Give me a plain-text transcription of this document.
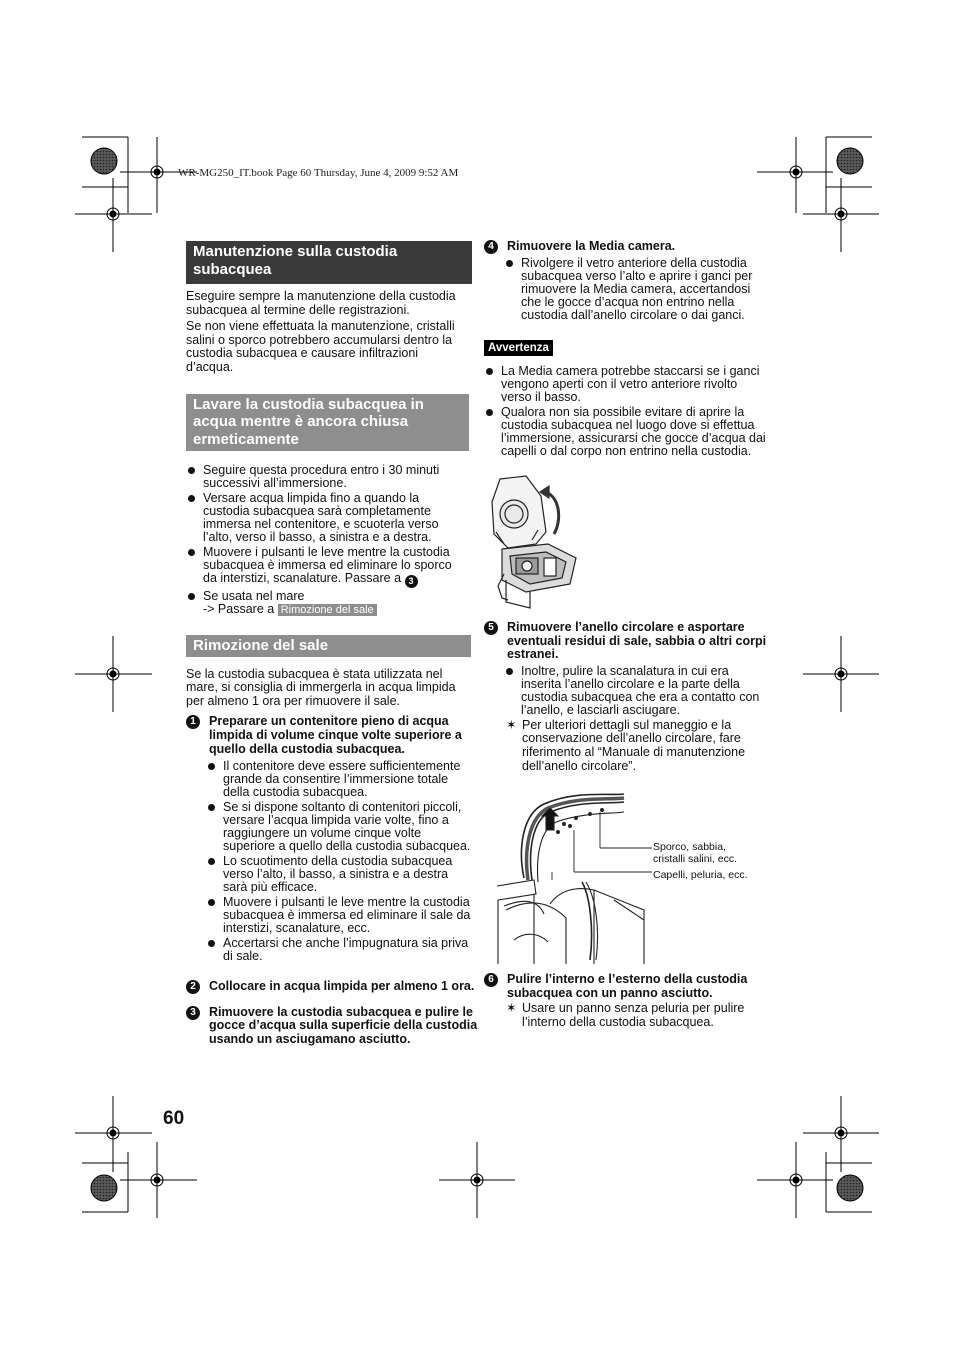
WR-MG250_IT.book Page 60 Thursday, June 4, 2009 9:52 AM
Manutenzione sulla custodia subacquea

Eseguire sempre la manutenzione della custodia subacquea al termine delle registrazioni.

Se non viene effettuata la manutenzione, cristalli salini o sporco potrebbero accumularsi dentro la custodia subacquea e causare infiltrazioni d’acqua.

Lavare la custodia subacquea in acqua mentre è ancora chiusa ermeticamente
Seguire questa procedura entro i 30 minuti successivi all’immersione.
Versare acqua limpida fino a quando la custodia subacquea sarà completamente immersa nel contenitore, e scuoterla verso l’alto, verso il basso, a sinistra e a destra.
Muovere i pulsanti le leve mentre la custodia subacquea è immersa ed eliminare lo sporco da interstizi, scanalature. Passare a 3
Se usata nel mare
-> Passare a Rimozione del sale
Rimozione del sale
Se la custodia subacquea è stata utilizzata nel mare, si consiglia di immergerla in acqua limpida per almeno 1 ora per rimuovere il sale.
1	Preparare un contenitore pieno di acqua limpida di volume cinque volte superiore a quello della custodia subacquea.
Il contenitore deve essere sufficientemente grande da consentire l’immersione totale della custodia subacquea.
Se si dispone soltanto di contenitori piccoli, versare l’acqua limpida varie volte, fino a raggiungere un volume cinque volte superiore a quello della custodia subacquea.
Lo scuotimento della custodia subacquea verso l’alto, il basso, a sinistra e a destra sarà più efficace.
Muovere i pulsanti le leve mentre la custodia subacquea è immersa ed eliminare il sale da interstizi, scanalature, ecc.
Accertarsi che anche l’impugnatura sia priva di sale.
2	Collocare in acqua limpida per almeno 1 ora.
3	Rimuovere la custodia subacquea e pulire le gocce d’acqua sulla superficie della custodia usando un asciugamano asciutto.
60
4	Rimuovere la Media camera.
Rivolgere il vetro anteriore della custodia subacquea verso l’alto e aprire i ganci per rimuovere la Media camera, accertandosi che le gocce d’acqua non entrino nella custodia dall’anello circolare o dai ganci.
Avvertenza
La Media camera potrebbe staccarsi se i ganci vengono aperti con il vetro anteriore rivolto verso il basso.
Qualora non sia possibile evitare di aprire la custodia subacquea nel luogo dove si effettua l’immersione, assicurarsi che gocce d’acqua dai capelli o dal corpo non entrino nella custodia.
5	Rimuovere l’anello circolare e asportare eventuali residui di sale, sabbia o altri corpi estranei.
Inoltre, pulire la scanalatura in cui era inserita l’anello circolare e la parte della custodia subacquea che era a contatto con l’anello, e lasciarli asciugare.
✶ Per ulteriori dettagli sul maneggio e la conservazione dell’anello circolare, fare riferimento al “Manuale di manutenzione dell’anello circolare”.
Sporco, sabbia,
cristalli salini, ecc.
Capelli, peluria, ecc.
6	Pulire l’interno e l’esterno della custodia subacquea con un panno asciutto.
✶ Usare un panno senza peluria per pulire l’interno della custodia subacquea.
